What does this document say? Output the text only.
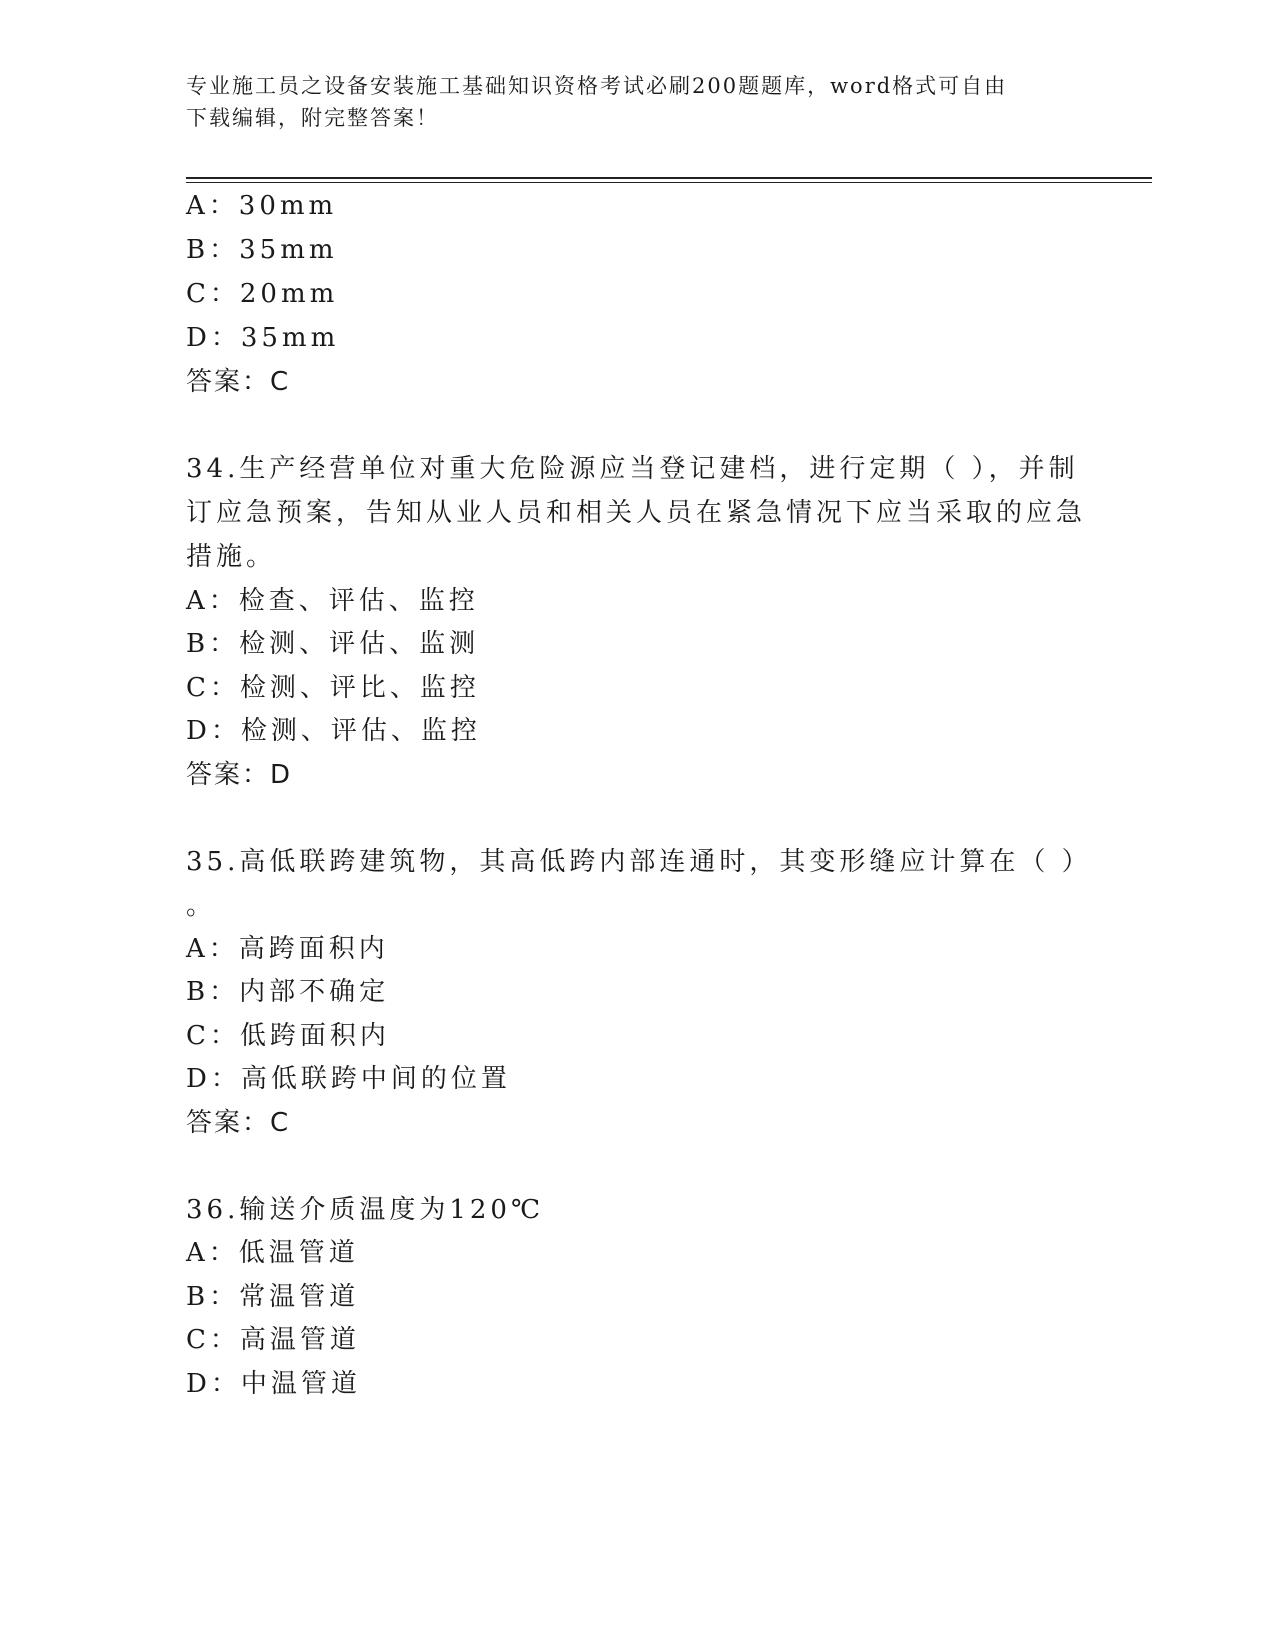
专业施工员之设备安装施工基础知识资格考试必刷200题题库，word格式可自由
下载编辑，附完整答案！
A：30mm
B：35mm
C：20mm
D：35mm
答案：C
34.生产经营单位对重大危险源应当登记建档，进行定期（ ），并制
订应急预案，告知从业人员和相关人员在紧急情况下应当采取的应急
措施。
A：检查、评估、监控
B：检测、评估、监测
C：检测、评比、监控
D：检测、评估、监控
答案：D
35.高低联跨建筑物，其高低跨内部连通时，其变形缝应计算在（ ）
。
A：高跨面积内
B：内部不确定
C：低跨面积内
D：高低联跨中间的位置
答案：C
36.输送介质温度为120℃
A：低温管道
B：常温管道
C：高温管道
D：中温管道
